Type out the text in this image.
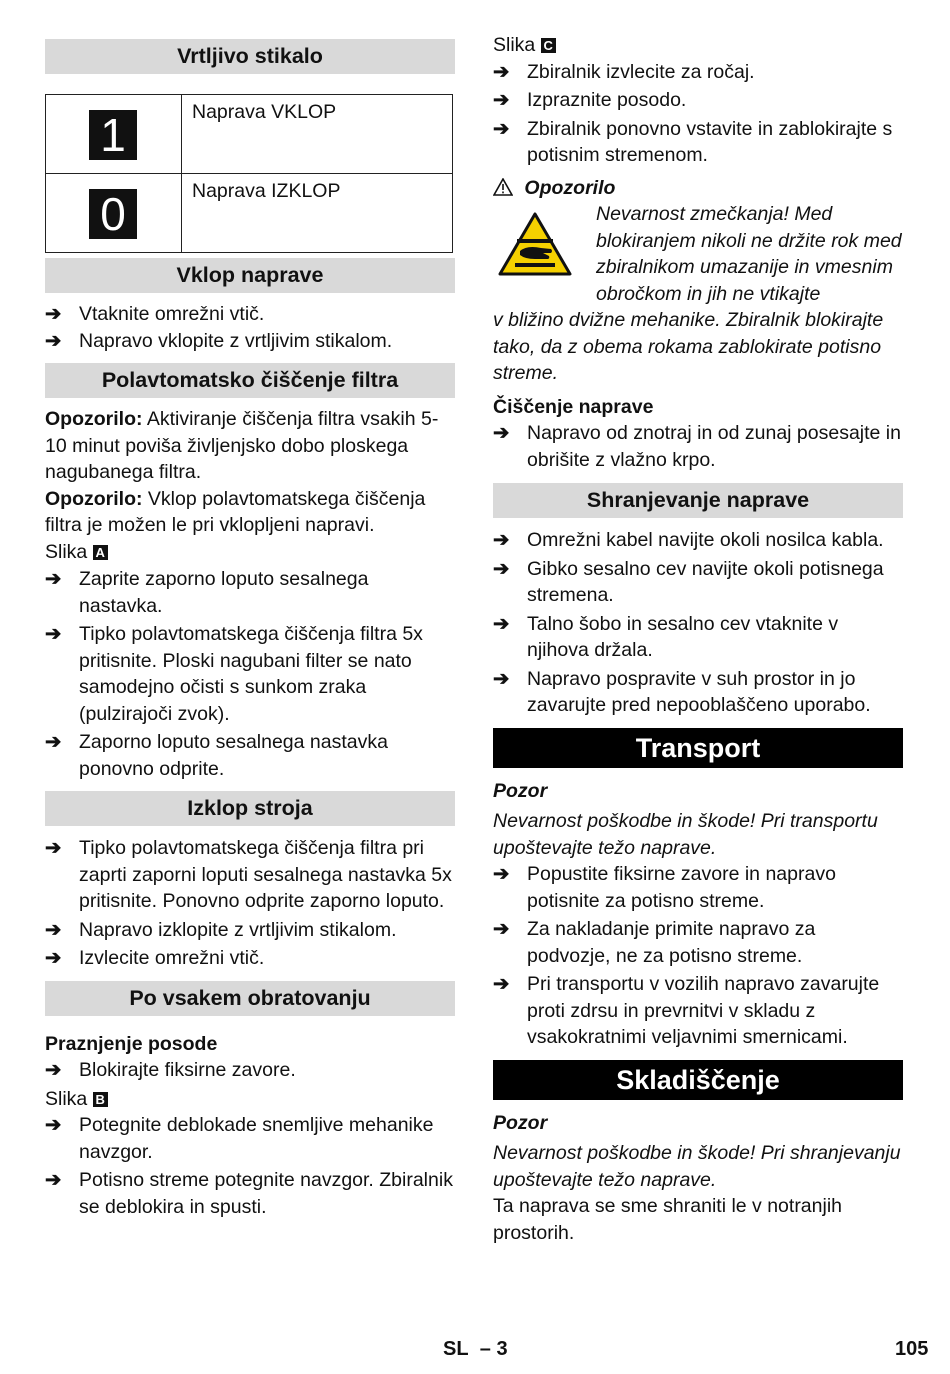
Vrtljivo stikalo
1	Naprava VKLOP

0	Naprava IZKLOP
Vklop naprave
➔ Vtaknite omrežni vtič.
➔ Napravo vklopite z vrtljivim stikalom.
Polavtomatsko čiščenje filtra
Opozorilo: Aktiviranje čiščenja filtra vsakih 5-10 minut poviša življenjsko dobo ploskega nagubanega filtra.
Opozorilo: Vklop polavtomatskega čiščenja filtra je možen le pri vklopljeni napravi.
Slika A
➔ Zaprite zaporno loputo sesalnega nastavka.
➔ Tipko polavtomatskega čiščenja filtra 5x pritisnite. Ploski nagubani filter se nato samodejno očisti s sunkom zraka (pulzirajoči zvok).
➔ Zaporno loputo sesalnega nastavka ponovno odprite.
Izklop stroja
➔ Tipko polavtomatskega čiščenja filtra pri zaprti zaporni loputi sesalnega nastavka 5x pritisnite. Ponovno odprite zaporno loputo.
➔ Napravo izklopite z vrtljivim stikalom.
➔ Izvlecite omrežni vtič.
Po vsakem obratovanju
Praznjenje posode
➔ Blokirajte fiksirne zavore.
Slika B
➔ Potegnite deblokade snemljive mehanike navzgor.
➔ Potisno streme potegnite navzgor. Zbiralnik se deblokira in spusti.
Slika C
➔ Zbiralnik izvlecite za ročaj.
➔ Izpraznite posodo.
➔ Zbiralnik ponovno vstavite in zablokirajte s potisnim stremenom.
Opozorilo
Nevarnost zmečkanja! Med blokiranjem nikoli ne držite rok med zbiralnikom umazanije in vmesnim obročkom in jih ne vtikajte
v bližino dvižne mehanike. Zbiralnik blokirajte tako, da z obema rokama zablokirate potisno streme.
Čiščenje naprave
➔ Napravo od znotraj in od zunaj posesajte in obrišite z vlažno krpo.
Shranjevanje naprave
➔ Omrežni kabel navijte okoli nosilca kabla.
➔ Gibko sesalno cev navijte okoli potisnega stremena.
➔ Talno šobo in sesalno cev vtaknite v njihova držala.
➔ Napravo pospravite v suh prostor in jo zavarujte pred nepooblaščeno uporabo.
Transport
Pozor
Nevarnost poškodbe in škode! Pri transportu upoštevajte težo naprave.
➔ Popustite fiksirne zavore in napravo potisnite za potisno streme.
➔ Za nakladanje primite napravo za podvozje, ne za potisno streme.
➔ Pri transportu v vozilih napravo zavarujte proti zdrsu in prevrnitvi v skladu z vsakokratnimi veljavnimi smernicami.
Skladiščenje
Pozor
Nevarnost poškodbe in škode! Pri shranjevanju upoštevajte težo naprave.
Ta naprava se sme shraniti le v notranjih prostorih.
SL – 3	105
